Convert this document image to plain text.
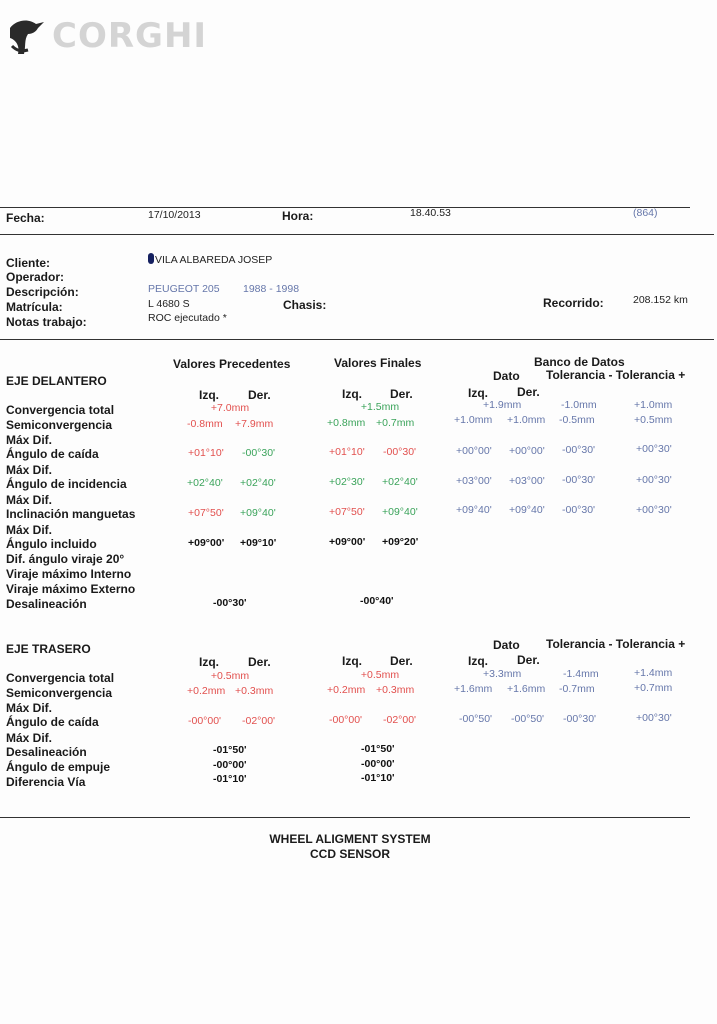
CORGHI
Fecha:	17/10/2013	Hora:	18.40.53	(864)
Cliente:	VILA ALBAREDA JOSEP
Operador:
Descripción:	PEUGEOT 205 1988 - 1998
Matrícula:	L 4680 S	Chasis:	Recorrido:	208.152 km
Notas trabajo:	ROC ejecutado *
Valores Precedentes	Valores Finales	Banco de Datos
Dato Tolerancia - Tolerancia +
EJE DELANTERO
Izq. Der.	Izq. Der.	Izq. Der.
Convergencia total	+7.0mm	+1.5mm	+1.9mm	-1.0mm	+1.0mm
Semiconvergencia	-0.8mm +7.9mm	+0.8mm +0.7mm	+1.0mm +1.0mm -0.5mm	+0.5mm
Máx Dif.
Ángulo de caída	+01°10' -00°30'	+01°10' -00°30'	+00°00' +00°00' -00°30'	+00°30'
Máx Dif.
Ángulo de incidencia	+02°40' +02°40'	+02°30' +02°40'	+03°00' +03°00' -00°30'	+00°30'
Máx Dif.
Inclinación manguetas	+07°50' +09°40'	+07°50' +09°40'	+09°40' +09°40' -00°30'	+00°30'
Máx Dif.
Ángulo incluido	+09°00' +09°10'	+09°00' +09°20'
Dif. ángulo viraje 20°
Viraje máximo Interno
Viraje máximo Externo
Desalineación	-00°30'	-00°40'
Dato Tolerancia - Tolerancia +
EJE TRASERO
Izq. Der.	Izq. Der.	Izq. Der.
Convergencia total	+0.5mm	+0.5mm	+3.3mm	-1.4mm	+1.4mm
Semiconvergencia	+0.2mm +0.3mm	+0.2mm +0.3mm	+1.6mm +1.6mm -0.7mm	+0.7mm
Máx Dif.
Ángulo de caída	-00°00' -02°00'	-00°00' -02°00'	-00°50' -00°50' -00°30'	+00°30'
Máx Dif.
Desalineación	-01°50'	-01°50'
Ángulo de empuje	-00°00'	-00°00'
Diferencia Vía	-01°10'	-01°10'
WHEEL ALIGMENT SYSTEM
CCD SENSOR
